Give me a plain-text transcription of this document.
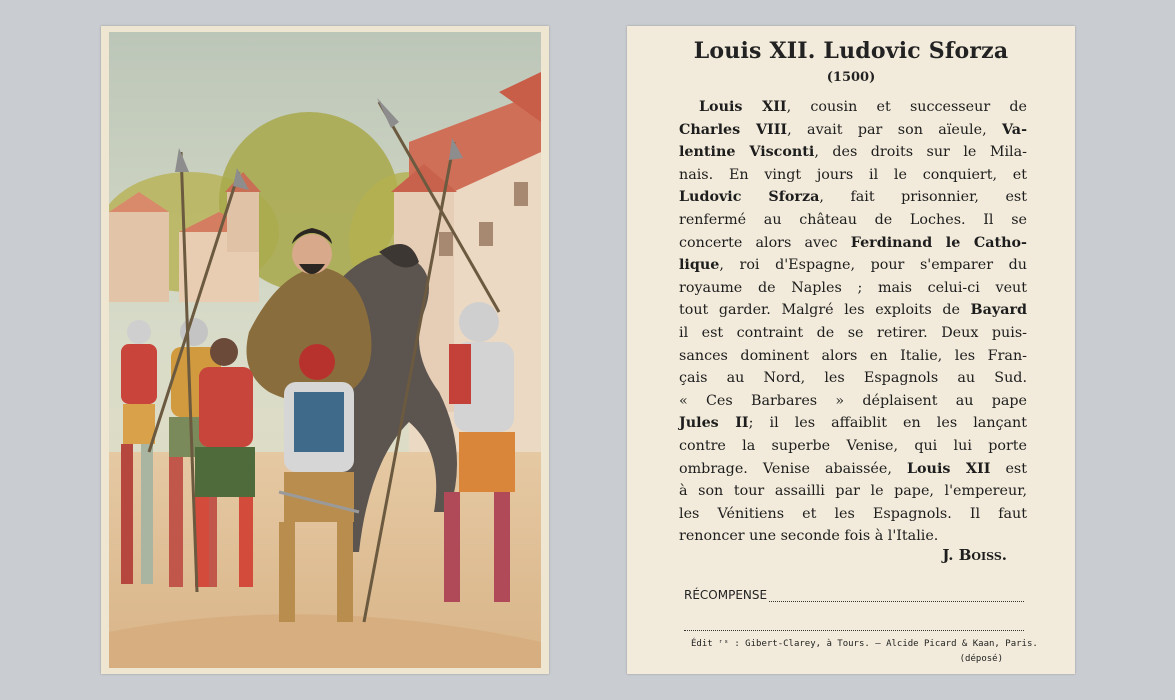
Louis XII. Ludovic Sforza
(1500)
Louis XII, cousin et successeur de
Charles VIII, avait par son aïeule, Va-
lentine Visconti, des droits sur le Mila-
nais. En vingt jours il le conquiert, et
Ludovic Sforza, fait prisonnier, est
renfermé au château de Loches. Il se
concerte alors avec Ferdinand le Catho-
lique, roi d'Espagne, pour s'emparer du
royaume de Naples ; mais celui-ci veut
tout garder. Malgré les exploits de Bayard
il est contraint de se retirer. Deux puis-
sances dominent alors en Italie, les Fran-
çais au Nord, les Espagnols au Sud.
« Ces Barbares » déplaisent au pape
Jules II; il les affaiblit en les lançant
contre la superbe Venise, qui lui porte
ombrage. Venise abaissée, Louis XII est
à son tour assailli par le pape, l'empereur,
les Vénitiens et les Espagnols. Il faut
renoncer une seconde fois à l'Italie.
J. Boiss.
RÉCOMPENSE
Édit ʳˢ : Gibert-Clarey, à Tours. — Alcide Picard & Kaan, Paris.
(déposé)
